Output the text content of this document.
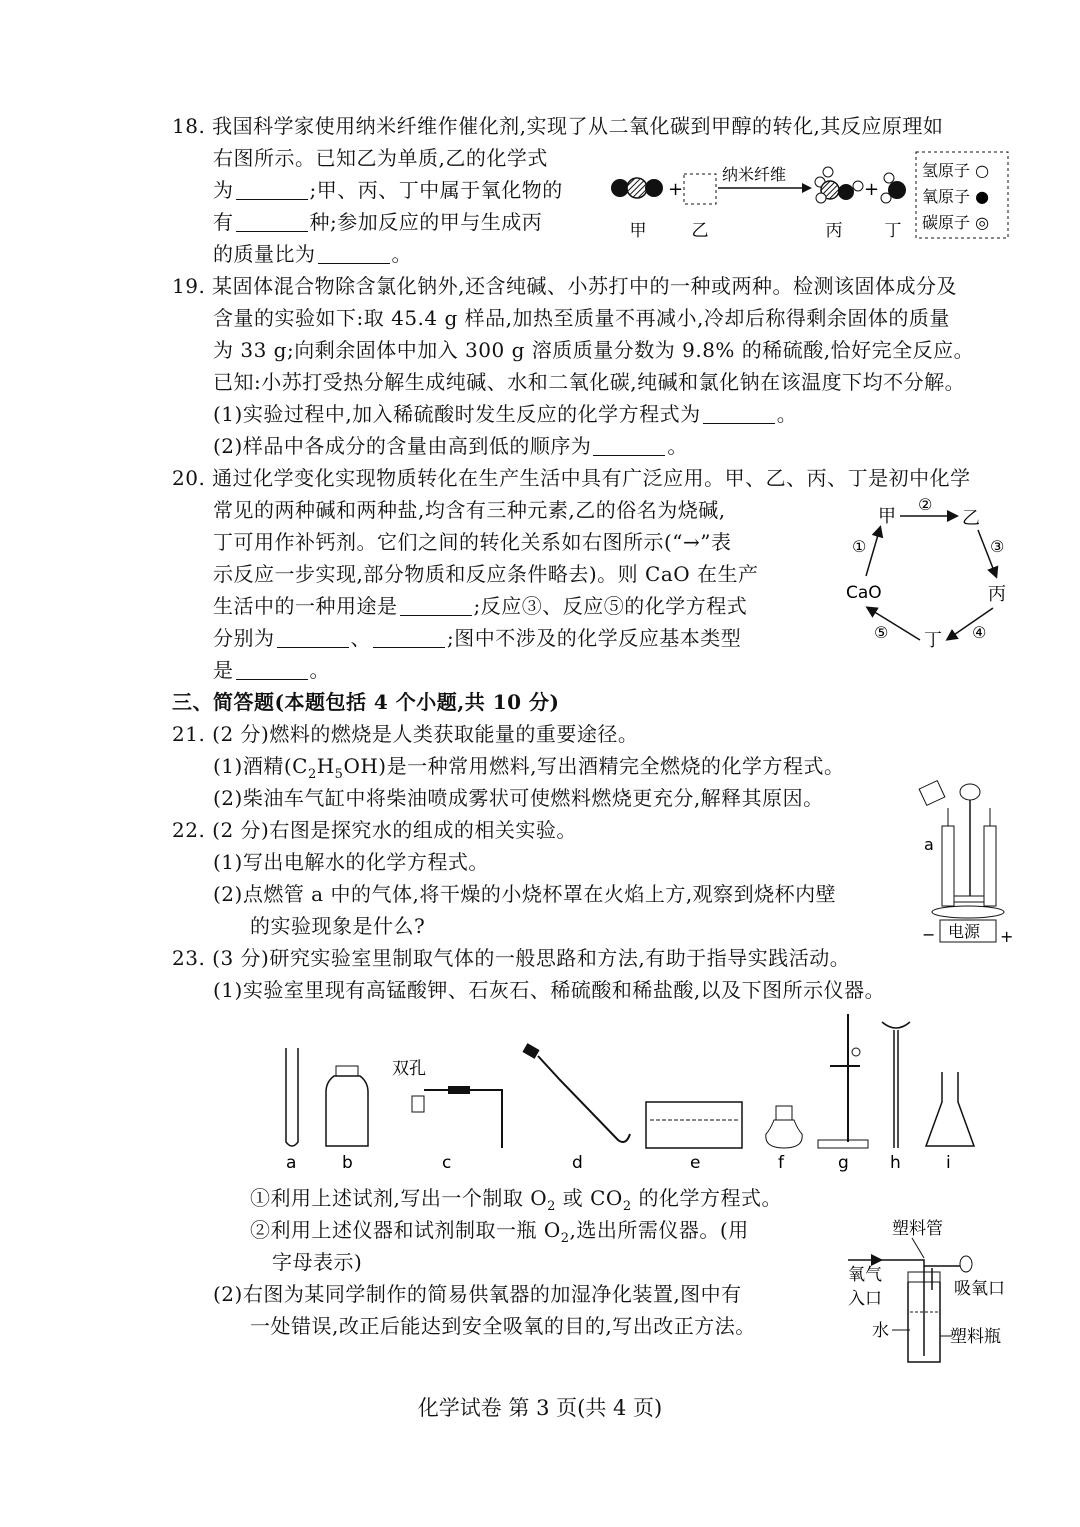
18. 我国科学家使用纳米纤维作催化剂,实现了从二氧化碳到甲醇的转化,其反应原理如
右图所示。已知乙为单质,乙的化学式
为	;甲、丙、丁中属于氧化物的
有	种;参加反应的甲与生成丙
的质量比为	。
+
纳米纤维
+
甲	乙	丙 丁
氢原子 ○
氧原子 ●
碳原子 ◎
19. 某固体混合物除含氯化钠外,还含纯碱、小苏打中的一种或两种。检测该固体成分及
含量的实验如下:取 45.4 g 样品,加热至质量不再减小,冷却后称得剩余固体的质量
为 33 g;向剩余固体中加入 300 g 溶质质量分数为 9.8% 的稀硫酸,恰好完全反应。
已知:小苏打受热分解生成纯碱、水和二氧化碳,纯碱和氯化钠在该温度下均不分解。
(1)实验过程中,加入稀硫酸时发生反应的化学方程式为	。
(2)样品中各成分的含量由高到低的顺序为	。
20. 通过化学变化实现物质转化在生产生活中具有广泛应用。甲、乙、丙、丁是初中化学
常见的两种碱和两种盐,均含有三种元素,乙的俗名为烧碱,
丁可用作补钙剂。它们之间的转化关系如右图所示(“→”表
示反应一步实现,部分物质和反应条件略去)。则 CaO 在生产
生活中的一种用途是	;反应③、反应⑤的化学方程式
分别为	、	;图中不涉及的化学反应基本类型
是	。
甲	乙
丙
丁
CaO
②
③
④
⑤
①
三、简答题(本题包括 4 个小题,共 10 分)
21. (2 分)燃料的燃烧是人类获取能量的重要途径。
(1)酒精$(C_2H_5OH)$是一种常用燃料,写出酒精完全燃烧的化学方程式。
(2)柴油车气缸中将柴油喷成雾状可使燃料燃烧更充分,解释其原因。
22. (2 分)右图是探究水的组成的相关实验。
(1)写出电解水的化学方程式。
(2)点燃管 a 中的气体,将干燥的小烧杯罩在火焰上方,观察到烧杯内壁
的实验现象是什么?
a
电源
−	+
23. (3 分)研究实验室里制取气体的一般思路和方法,有助于指导实践活动。
(1)实验室里现有高锰酸钾、石灰石、稀硫酸和稀盐酸,以及下图所示仪器。
双孔
a	b	c	d	e	f	g h	i
①利用上述试剂,写出一个制取 $O_2$ 或 $CO_2$ 的化学方程式。
②利用上述仪器和试剂制取一瓶 $O_2$,选出所需仪器。(用
字母表示)
(2)右图为某同学制作的简易供氧器的加湿净化装置,图中有
一处错误,改正后能达到安全吸氧的目的,写出改正方法。
塑料管
氧气
入口	吸氧口
水	塑料瓶
化学试卷 第 3 页(共 4 页)
